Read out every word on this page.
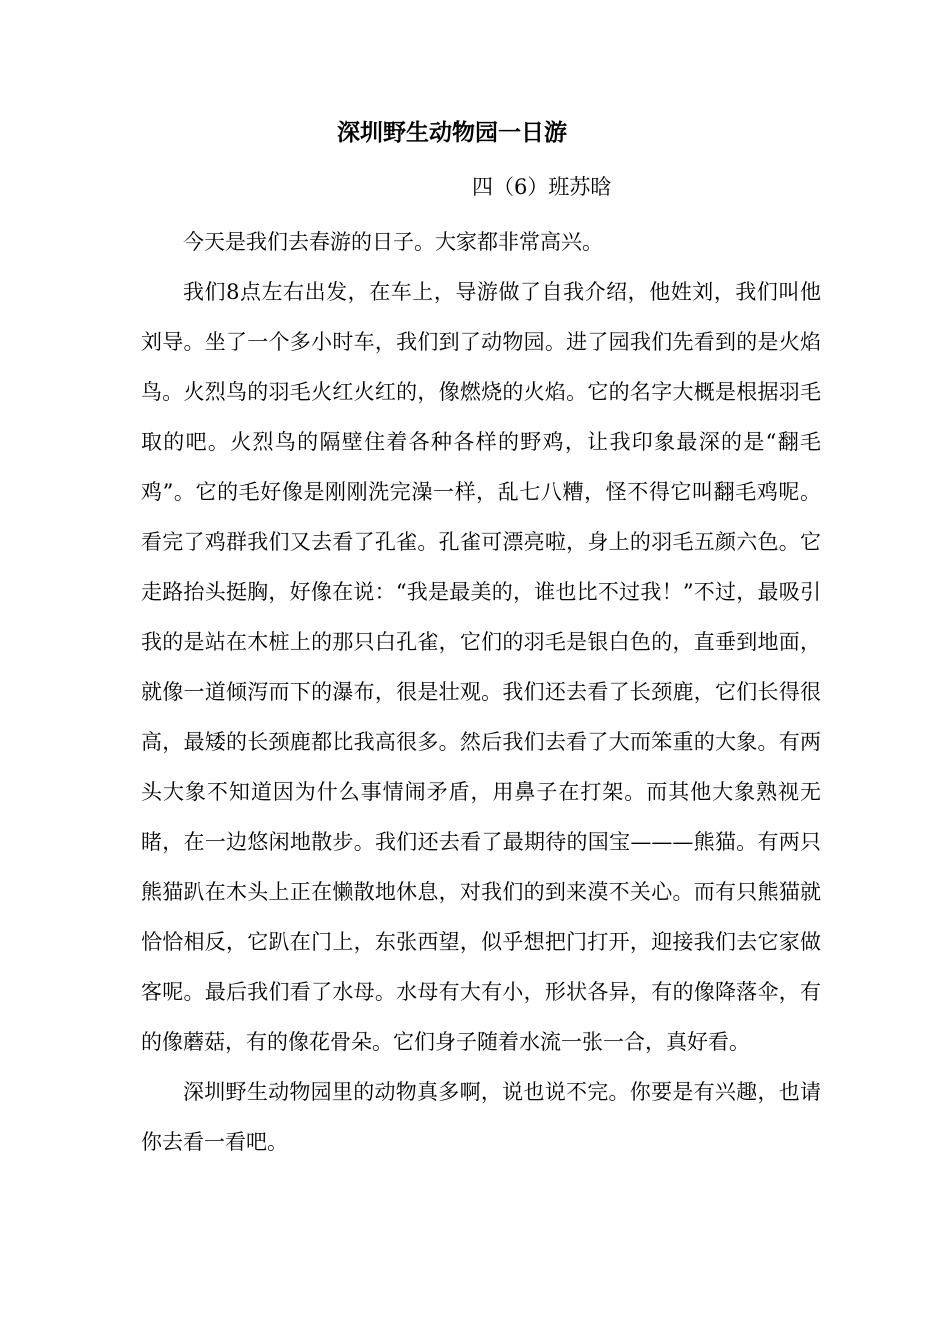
深圳野生动物园一日游

四（6）班苏晗

今天是我们去春游的日子。大家都非常高兴。

我们8点左右出发，在车上，导游做了自我介绍，他姓刘，我们叫他刘导。坐了一个多小时车，我们到了动物园。进了园我们先看到的是火焰鸟。火烈鸟的羽毛火红火红的，像燃烧的火焰。它的名字大概是根据羽毛取的吧。火烈鸟的隔壁住着各种各样的野鸡，让我印象最深的是“翻毛鸡”。它的毛好像是刚刚洗完澡一样，乱七八糟，怪不得它叫翻毛鸡呢。看完了鸡群我们又去看了孔雀。孔雀可漂亮啦，身上的羽毛五颜六色。它走路抬头挺胸，好像在说：“我是最美的，谁也比不过我！”不过，最吸引我的是站在木桩上的那只白孔雀，它们的羽毛是银白色的，直垂到地面，就像一道倾泻而下的瀑布，很是壮观。我们还去看了长颈鹿，它们长得很高，最矮的长颈鹿都比我高很多。然后我们去看了大而笨重的大象。有两头大象不知道因为什么事情闹矛盾，用鼻子在打架。而其他大象熟视无睹，在一边悠闲地散步。我们还去看了最期待的国宝———熊猫。有两只熊猫趴在木头上正在懒散地休息，对我们的到来漠不关心。而有只熊猫就恰恰相反，它趴在门上，东张西望，似乎想把门打开，迎接我们去它家做客呢。最后我们看了水母。水母有大有小，形状各异，有的像降落伞，有的像蘑菇，有的像花骨朵。它们身子随着水流一张一合，真好看。

深圳野生动物园里的动物真多啊，说也说不完。你要是有兴趣，也请你去看一看吧。
